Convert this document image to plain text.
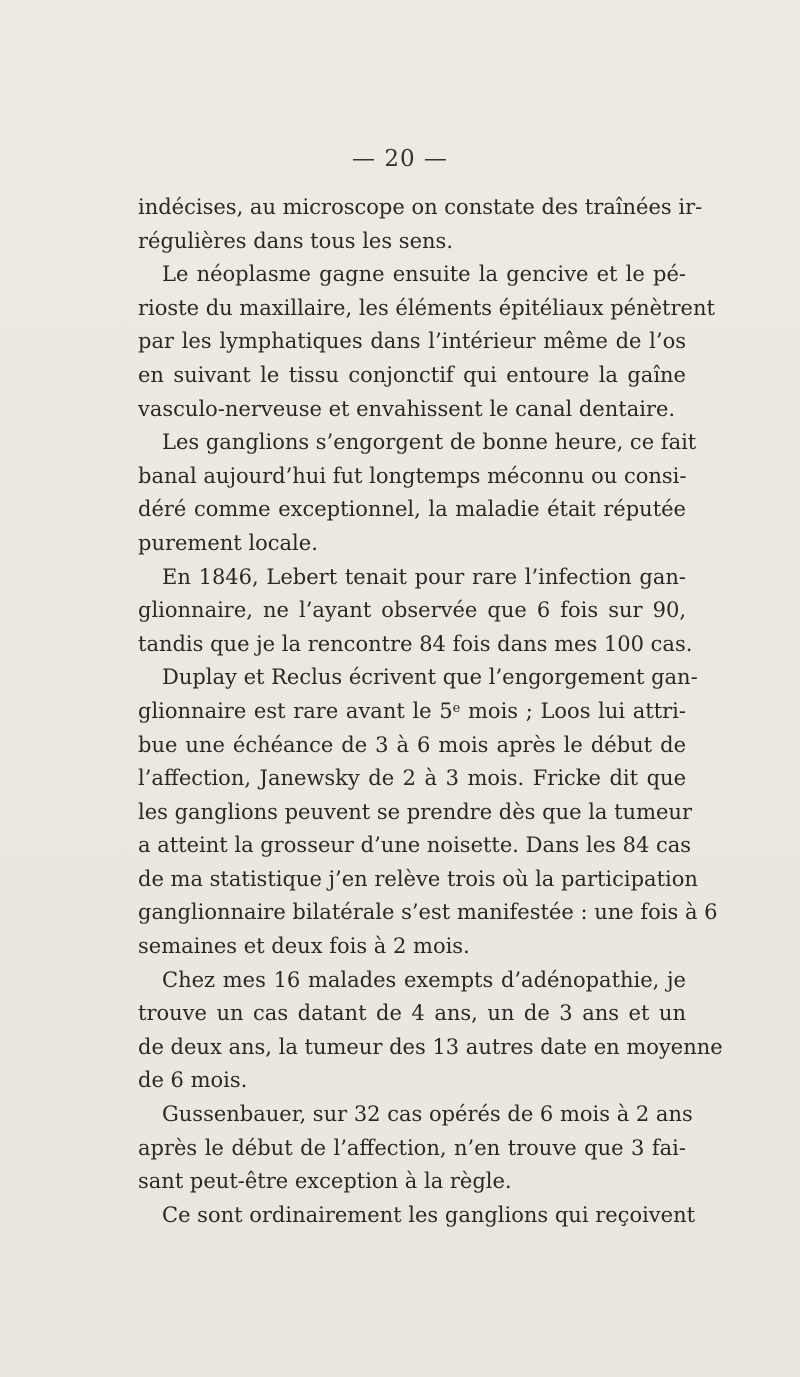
— 20 —
indécises, au microscope on constate des traînées ir-
régulières dans tous les sens.
Le néoplasme gagne ensuite la gencive et le pé-
rioste du maxillaire, les éléments épitéliaux pénètrent
par les lymphatiques dans l’intérieur même de l’os
en suivant le tissu conjonctif qui entoure la gaîne
vasculo-nerveuse et envahissent le canal dentaire.
Les ganglions s’engorgent de bonne heure, ce fait
banal aujourd’hui fut longtemps méconnu ou consi-
déré comme exceptionnel, la maladie était réputée
purement locale.
En 1846, Lebert tenait pour rare l’infection gan-
glionnaire, ne l’ayant observée que 6 fois sur 90,
tandis que je la rencontre 84 fois dans mes 100 cas.
Duplay et Reclus écrivent que l’engorgement gan-
glionnaire est rare avant le 5e mois ; Loos lui attri-
bue une échéance de 3 à 6 mois après le début de
l’affection, Janewsky de 2 à 3 mois. Fricke dit que
les ganglions peuvent se prendre dès que la tumeur
a atteint la grosseur d’une noisette. Dans les 84 cas
de ma statistique j’en relève trois où la participation
ganglionnaire bilatérale s’est manifestée : une fois à 6
semaines et deux fois à 2 mois.
Chez mes 16 malades exempts d’adénopathie, je
trouve un cas datant de 4 ans, un de 3 ans et un
de deux ans, la tumeur des 13 autres date en moyenne
de 6 mois.
Gussenbauer, sur 32 cas opérés de 6 mois à 2 ans
après le début de l’affection, n’en trouve que 3 fai-
sant peut-être exception à la règle.
Ce sont ordinairement les ganglions qui reçoivent
